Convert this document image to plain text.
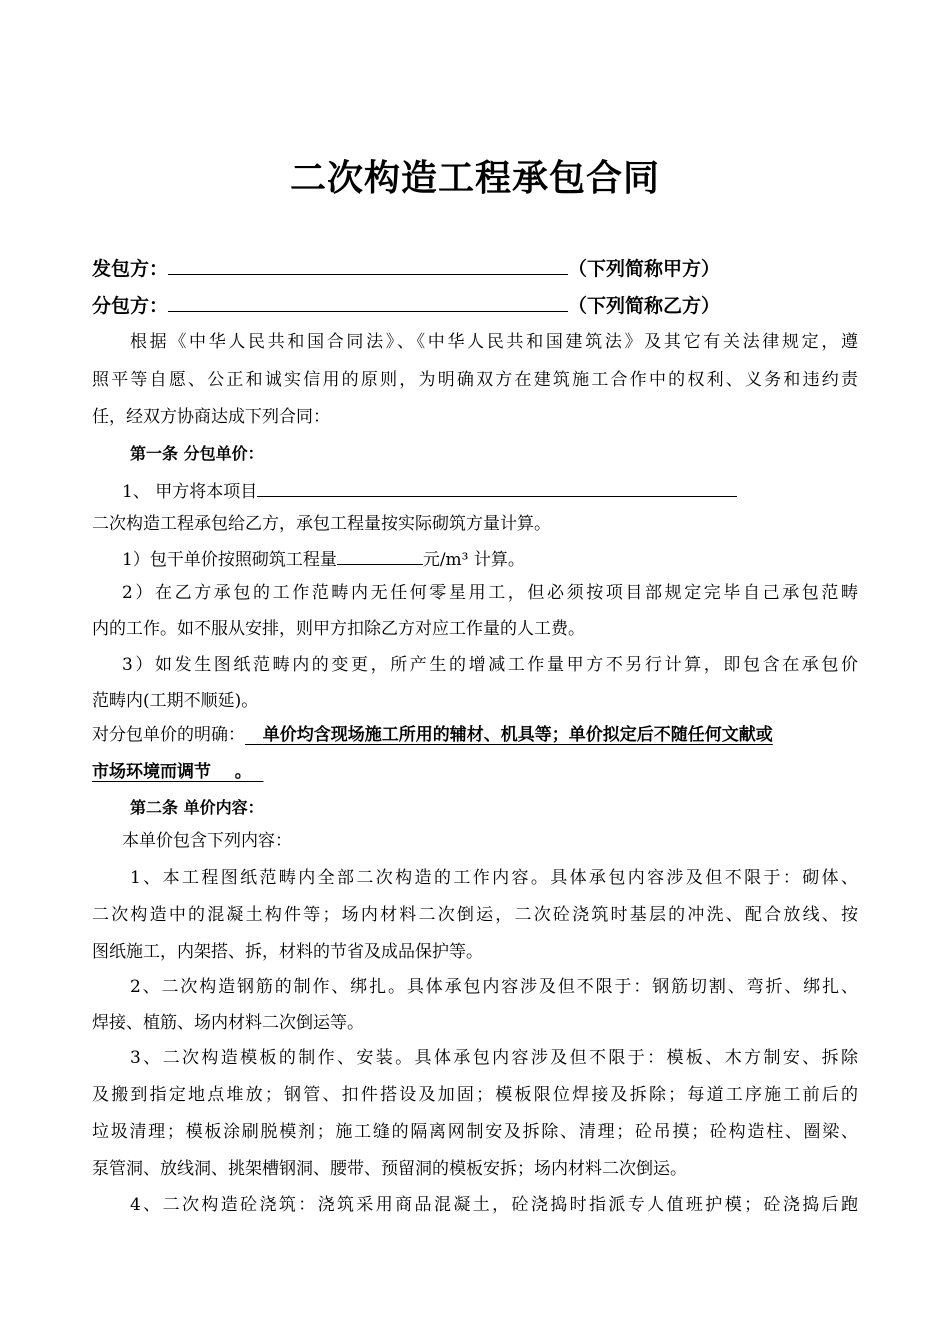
二次构造工程承包合同
发包方：	（下列简称甲方）
分包方：	（下列简称乙方）
根据《中华人民共和国合同法》、《中华人民共和国建筑法》及其它有关法律规定，遵
照平等自愿、公正和诚实信用的原则，为明确双方在建筑施工合作中的权利、义务和违约责
任，经双方协商达成下列合同：
第一条 分包单价：
1、 甲方将本项目
二次构造工程承包给乙方，承包工程量按实际砌筑方量计算。
1）包干单价按照砌筑工程量	元/m³ 计算。
2）在乙方承包的工作范畴内无任何零星用工，但必须按项目部规定完毕自己承包范畴
内的工作。如不服从安排，则甲方扣除乙方对应工作量的人工费。
3）如发生图纸范畴内的变更，所产生的增减工作量甲方不另行计算，即包含在承包价
范畴内(工期不顺延)。
对分包单价的明确： 单价均含现场施工所用的辅材、机具等；单价拟定后不随任何文献或
市场环境而调节 。
第二条 单价内容：
本单价包含下列内容：
1、本工程图纸范畴内全部二次构造的工作内容。具体承包内容涉及但不限于：砌体、
二次构造中的混凝土构件等；场内材料二次倒运，二次砼浇筑时基层的冲洗、配合放线、按
图纸施工，内架搭、拆，材料的节省及成品保护等。
2、二次构造钢筋的制作、绑扎。具体承包内容涉及但不限于：钢筋切割、弯折、绑扎、
焊接、植筋、场内材料二次倒运等。
3、二次构造模板的制作、安装。具体承包内容涉及但不限于：模板、木方制安、拆除
及搬到指定地点堆放；钢管、扣件搭设及加固；模板限位焊接及拆除；每道工序施工前后的
垃圾清理；模板涂刷脱模剂；施工缝的隔离网制安及拆除、清理；砼吊摸；砼构造柱、圈梁、
泵管洞、放线洞、挑架槽钢洞、腰带、预留洞的模板安拆；场内材料二次倒运。
4、二次构造砼浇筑：浇筑采用商品混凝土，砼浇捣时指派专人值班护模；砼浇捣后跑
